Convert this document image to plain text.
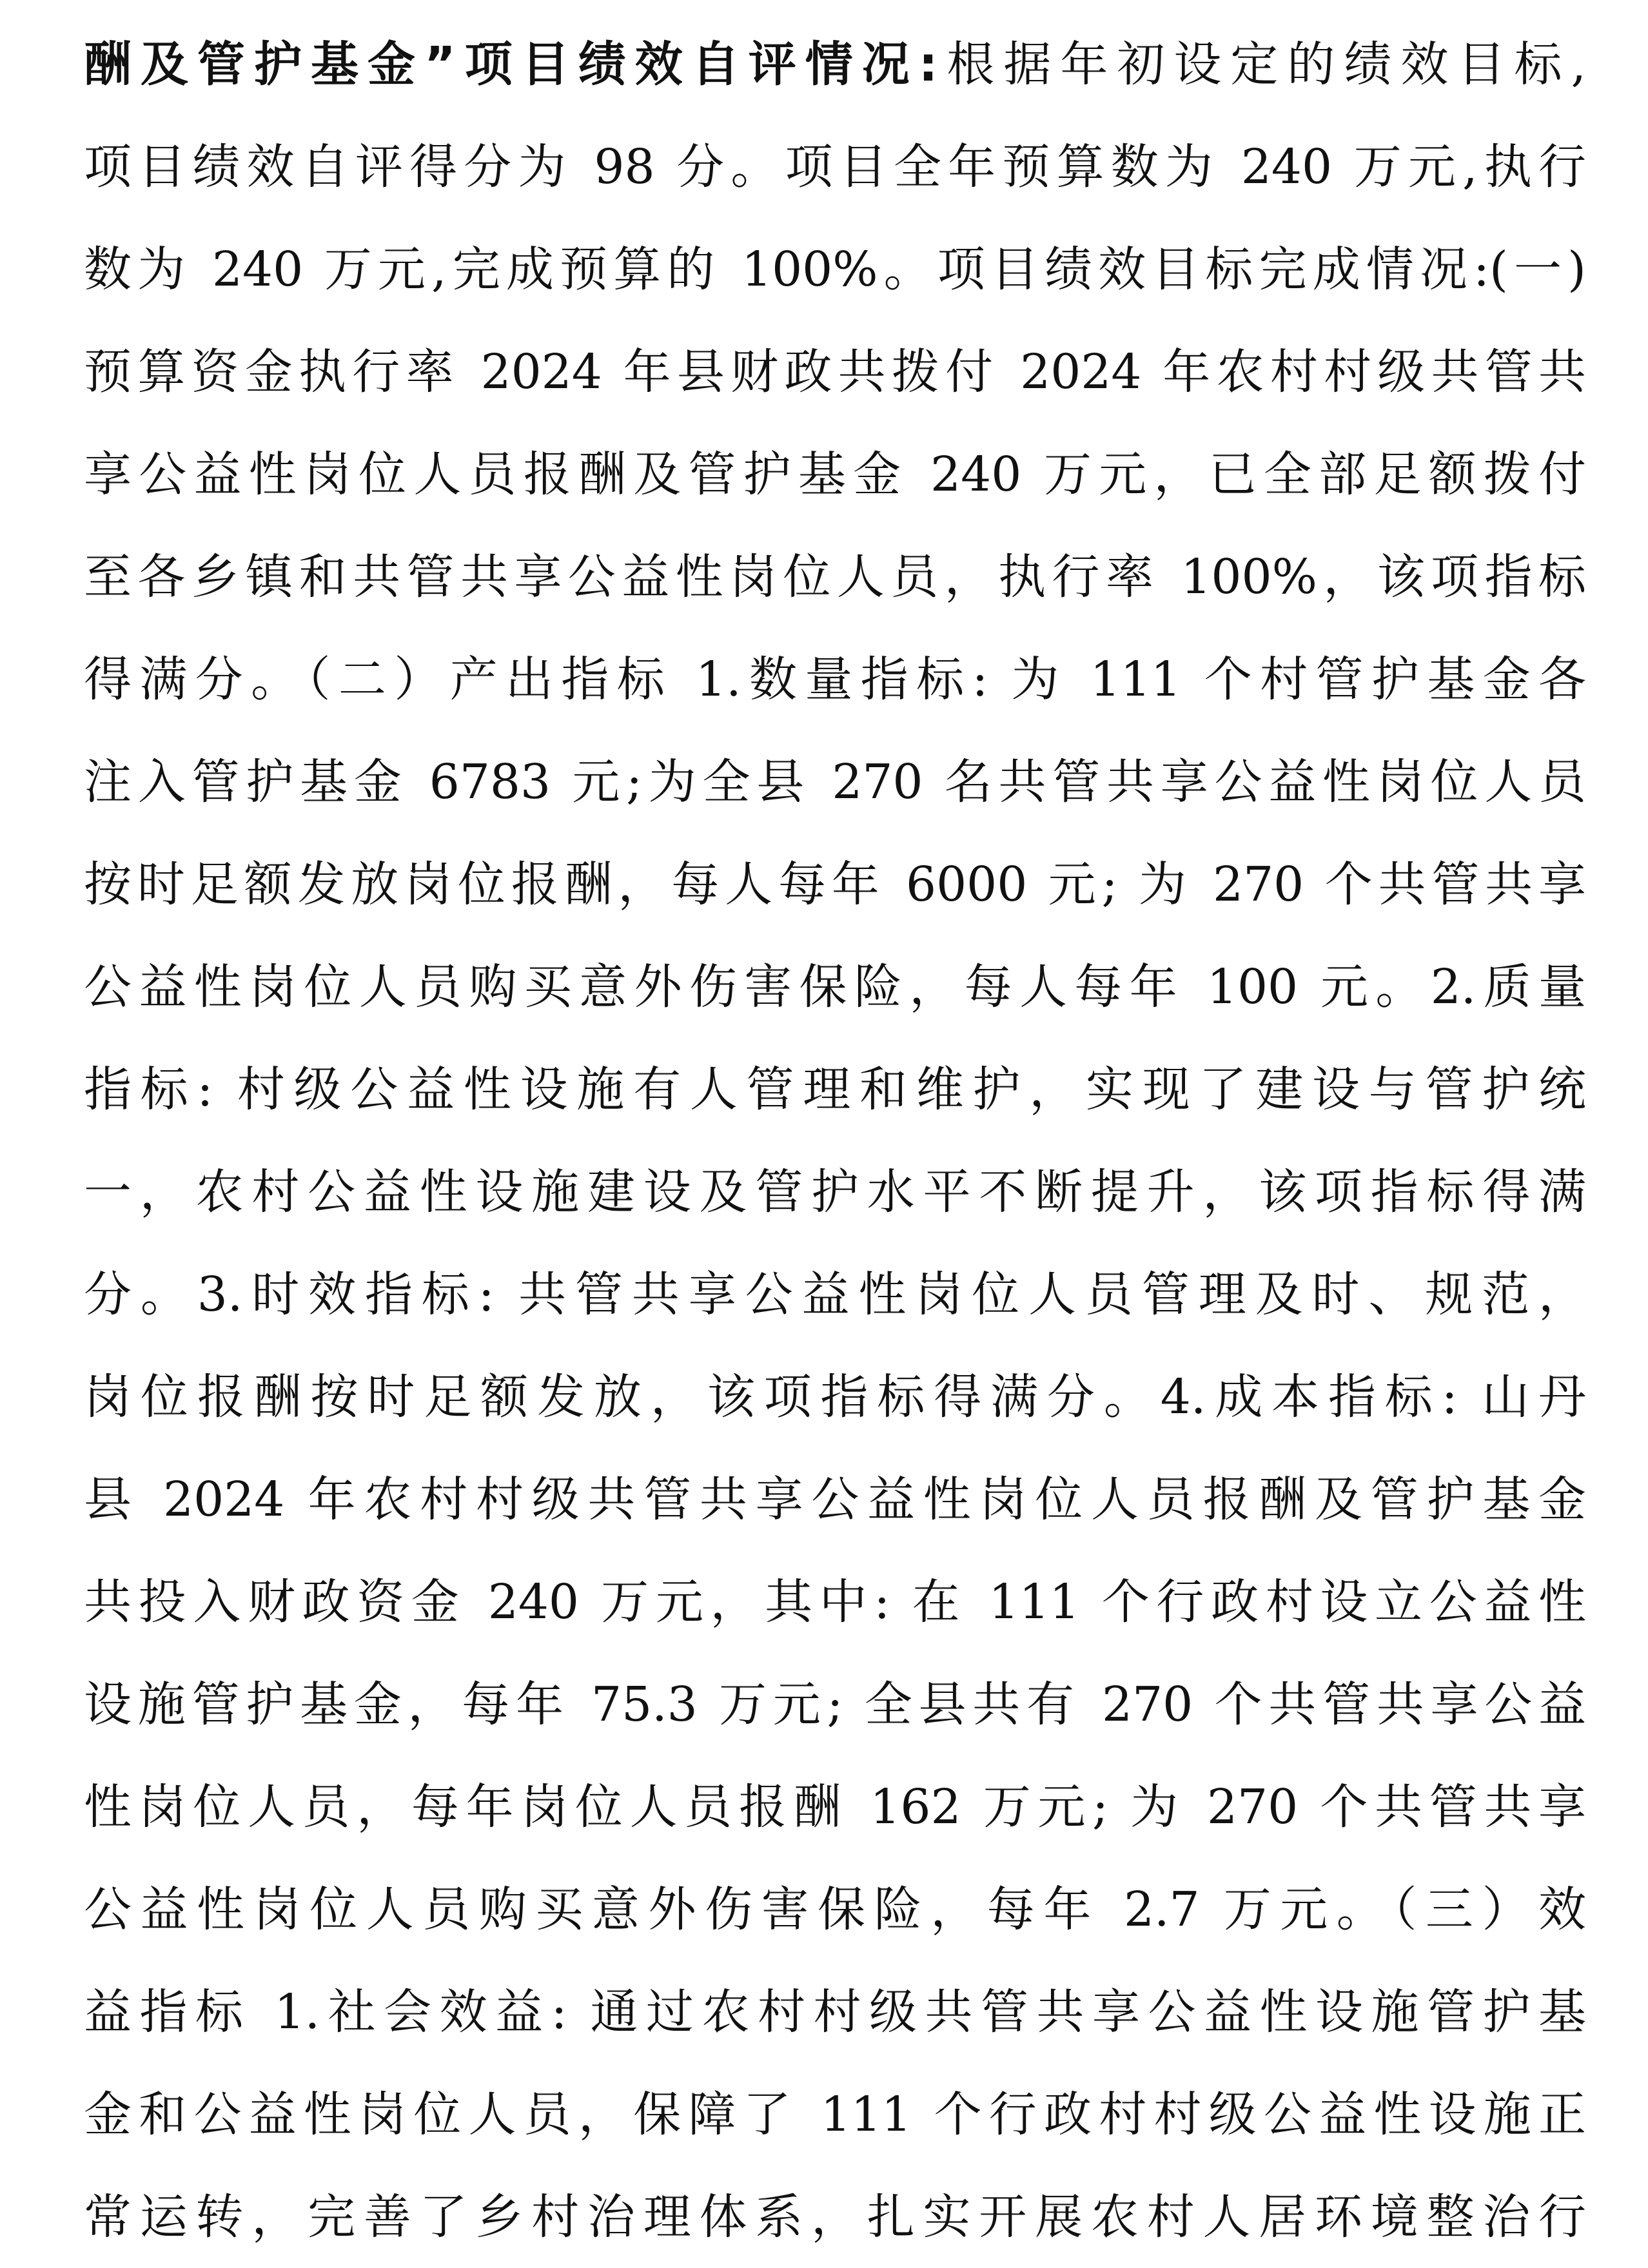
酬及管护基金”项目绩效自评情况:根据年初设定的绩效目标,
项目绩效自评得分为 98 分。项目全年预算数为 240 万元,执行
数为 240 万元,完成预算的 100%。项目绩效目标完成情况:(一)
预算资金执行率 2024 年县财政共拨付 2024 年农村村级共管共
享公益性岗位人员报酬及管护基金 240 万元，已全部足额拨付
至各乡镇和共管共享公益性岗位人员，执行率 100%，该项指标
得满分。（二）产出指标 1.数量指标: 为 111 个村管护基金各
注入管护基金 6783 元;为全县 270 名共管共享公益性岗位人员
按时足额发放岗位报酬，每人每年 6000 元; 为 270 个共管共享
公益性岗位人员购买意外伤害保险，每人每年 100 元。2.质量
指标: 村级公益性设施有人管理和维护，实现了建设与管护统
一，农村公益性设施建设及管护水平不断提升，该项指标得满
分。3.时效指标: 共管共享公益性岗位人员管理及时、规范，
岗位报酬按时足额发放，该项指标得满分。4.成本指标: 山丹
县 2024 年农村村级共管共享公益性岗位人员报酬及管护基金
共投入财政资金 240 万元，其中: 在 111 个行政村设立公益性
设施管护基金，每年 75.3 万元; 全县共有 270 个共管共享公益
性岗位人员，每年岗位人员报酬 162 万元; 为 270 个共管共享
公益性岗位人员购买意外伤害保险，每年 2.7 万元。（三）效
益指标 1.社会效益: 通过农村村级共管共享公益性设施管护基
金和公益性岗位人员，保障了 111 个行政村村级公益性设施正
常运转，完善了乡村治理体系，扎实开展农村人居环境整治行
